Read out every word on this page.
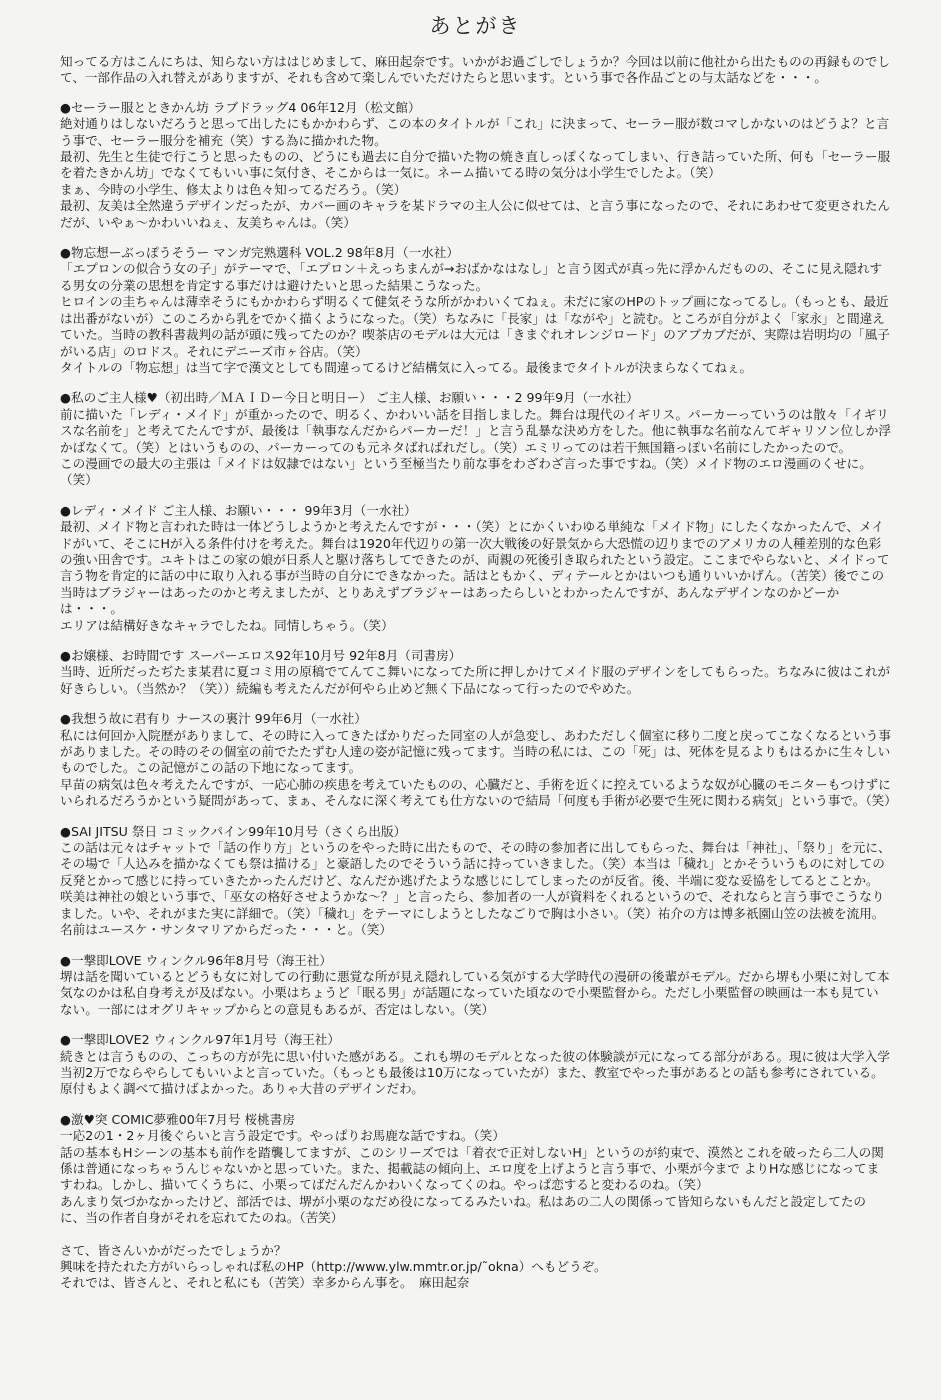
あとがき

知ってる方はこんにちは、知らない方ははじめまして、麻田起奈です。いかがお過ごしでしょうか？今回は以前に他社から出たものの再録ものでして、一部作品の入れ替えがありますが、それも含めて楽しんでいただけたらと思います。という事で各作品ごとの与太話などを・・・。

●セーラー服とときかん坊 ラブドラッグ4 06年12月（松文館）
絶対通りはしないだろうと思って出したにもかかわらず、この本のタイトルが「これ」に決まって、セーラー服が数コマしかないのはどうよ？と言う事で、セーラー服分を補充（笑）する為に描かれた物。
最初、先生と生徒で行こうと思ったものの、どうにも過去に自分で描いた物の焼き直しっぽくなってしまい、行き詰っていた所、何も「セーラー服を着たきかん坊」でなくてもいい事に気付き、そこからは一気に。ネーム描いてる時の気分は小学生でしたよ。（笑）
まぁ、今時の小学生、修太よりは色々知ってるだろう。（笑）
最初、友美は全然違うデザインだったが、カバー画のキャラを某ドラマの主人公に似せては、と言う事になったので、それにあわせて変更されたんだが、いやぁ～かわいいねぇ、友美ちゃんは。（笑）
●物忘想ーぶっぽうそうー マンガ完熟選科 VOL.2 98年8月（一水社）
「エプロンの似合う女の子」がテーマで、「エプロン＋えっちまんが→おばかなはなし」と言う図式が真っ先に浮かんだものの、そこに見え隠れする男女の分業の思想を肯定する事だけは避けたいと思った結果こうなった。
ヒロインの圭ちゃんは薄幸そうにもかかわらず明るくて健気そうな所がかわいくてねぇ。未だに家のHPのトップ画になってるし。（もっとも、最近は出番がないが）このころから乳をでかく描くようになった。（笑）ちなみに「長家」は「ながや」と読む。ところが自分がよく「家永」と間違えていた。当時の教科書裁判の話が頭に残ってたのか？喫茶店のモデルは大元は「きまぐれオレンジロード」のアブカブだが、実際は岩明均の「風子がいる店」のロドス。それにデニーズ市ヶ谷店。（笑）
タイトルの「物忘想」は当て字で漢文としても間違ってるけど結構気に入ってる。最後までタイトルが決まらなくてねぇ。
●私のご主人様♥（初出時／ＭＡＩＤー今日と明日ー） ご主人様、お願い・・・2 99年9月（一水社）
前に描いた「レディ・メイド」が重かったので、明るく、かわいい話を目指しました。舞台は現代のイギリス。パーカーっていうのは散々「イギリスな名前を」と考えてたんですが、最後は「執事なんだからパーカーだ！」と言う乱暴な決め方をした。他に執事な名前なんてギャリソン位しか浮かばなくて。（笑）とはいうものの、パーカーってのも元ネタばればれだし。（笑）エミリってのは若干無国籍っぽい名前にしたかったので。
この漫画での最大の主張は「メイドは奴隷ではない」という至極当たり前な事をわざわざ言った事ですね。（笑）メイド物のエロ漫画のくせに。（笑）
●レディ・メイド ご主人様、お願い・・・ 99年3月（一水社）
最初、メイド物と言われた時は一体どうしようかと考えたんですが・・・（笑）とにかくいわゆる単純な「メイド物」にしたくなかったんで、メイドがいて、そこにHが入る条件付けを考えた。舞台は1920年代辺りの第一次大戦後の好景気から大恐慌の辺りまでのアメリカの人種差別的な色彩の強い田舎です。ユキトはこの家の娘が日系人と駆け落ちしてできたのが、両親の死後引き取られたという設定。ここまでやらないと、メイドって言う物を肯定的に話の中に取り入れる事が当時の自分にできなかった。話はともかく、ディテールとかはいつも通りいいかげん。（苦笑）後でこの当時はブラジャーはあったのかと考えましたが、とりあえずブラジャーはあったらしいとわかったんですが、あんなデザインなのかどーかは・・・。
エリアは結構好きなキャラでしたね。同情しちゃう。（笑）
●お嬢様、お時間です スーパーエロス92年10月号 92年8月（司書房）
当時、近所だったぢたま某君に夏コミ用の原稿でてんてこ舞いになってた所に押しかけてメイド服のデザインをしてもらった。ちなみに彼はこれが好きらしい。（当然か？（笑））続編も考えたんだが何やら止めど無く下品になって行ったのでやめた。
●我想う故に君有り ナースの裏汁 99年6月（一水社）
私には何回か入院歴がありまして、その時に入ってきたばかりだった同室の人が急変し、あわただしく個室に移り二度と戻ってこなくなるという事がありました。その時のその個室の前でたたずむ人達の姿が記憶に残ってます。当時の私には、この「死」は、死体を見るよりもはるかに生々しいものでした。この記憶がこの話の下地になってます。
早苗の病気は色々考えたんですが、一応心肺の疾患を考えていたものの、心臓だと、手術を近くに控えているような奴が心臓のモニターもつけずにいられるだろうかという疑問があって、まぁ、そんなに深く考えても仕方ないので結局「何度も手術が必要で生死に関わる病気」という事で。（笑）
●SAI JITSU 祭日 コミックパイン99年10月号（さくら出版）
この話は元々はチャットで「話の作り方」というのをやった時に出たもので、その時の参加者に出してもらった、舞台は「神社」、「祭り」を元に、その場で「人込みを描かなくても祭は描ける」と豪語したのでそういう話に持っていきました。（笑）本当は「穢れ」とかそういうものに対しての反発とかって感じに持っていきたかったんだけど、なんだか逃げたような感じにしてしまったのが反省。後、半端に変な妥協をしてるとことか。
咲美は神社の娘という事で、「巫女の格好させようかな～？」と言ったら、参加者の一人が資料をくれるというので、それならと言う事でこうなりました。いや、それがまた実に詳細で。（笑）「穢れ」をテーマにしようとしたなごりで胸は小さい。（笑）祐介の方は博多祇園山笠の法被を流用。名前はユースケ・サンタマリアからだった・・・と。（笑）
●一撃即LOVE ウィンクル96年8月号（海王社）
堺は話を聞いているとどうも女に対しての行動に悪覚な所が見え隠れしている気がする大学時代の漫研の後輩がモデル。だから堺も小栗に対して本気なのかは私自身考えが及ばない。小栗はちょうど「眠る男」が話題になっていた頃なので小栗監督から。ただし小栗監督の映画は一本も見ていない。一部にはオグリキャップからとの意見もあるが、否定はしない。（笑）
●一撃即LOVE2 ウィンクル97年1月号（海王社）
続きとは言うものの、こっちの方が先に思い付いた感がある。これも堺のモデルとなった彼の体験談が元になってる部分がある。現に彼は大学入学当初2万でならやらしてもいいよと言っていた。（もっとも最後は10万になっていたが）また、教室でやった事があるとの話も参考にされている。原付もよく調べて描けばよかった。ありゃ大昔のデザインだわ。
●激♥突 COMIC夢雅00年7月号 桜桃書房
一応2の1・2ヶ月後ぐらいと言う設定です。やっぱりお馬鹿な話ですね。（笑）
話の基本もHシーンの基本も前作を踏襲してますが、このシリーズでは「着衣で正対しないH」というのが約束で、漠然とこれを破ったら二人の関係は普通になっちゃうんじゃないかと思っていた。また、掲載誌の傾向上、エロ度を上げようと言う事で、小栗が今まで よりHな感じになってますわね。しかし、描いてくうちに、小栗ってばだんだんかわいくなってくのね。やっぱ恋すると変わるのね。（笑）
あんまり気づかなかったけど、部活では、堺が小栗のなだめ役になってるみたいね。私はあの二人の関係って皆知らないもんだと設定してたのに、当の作者自身がそれを忘れてたのね。（苦笑）
さて、皆さんいかがだったでしょうか？
興味を持たれた方がいらっしゃれば私のHP（http://www.ylw.mmtr.or.jp/˜okna）へもどうぞ。
それでは、皆さんと、それと私にも（苦笑）幸多からん事を。　麻田起奈
